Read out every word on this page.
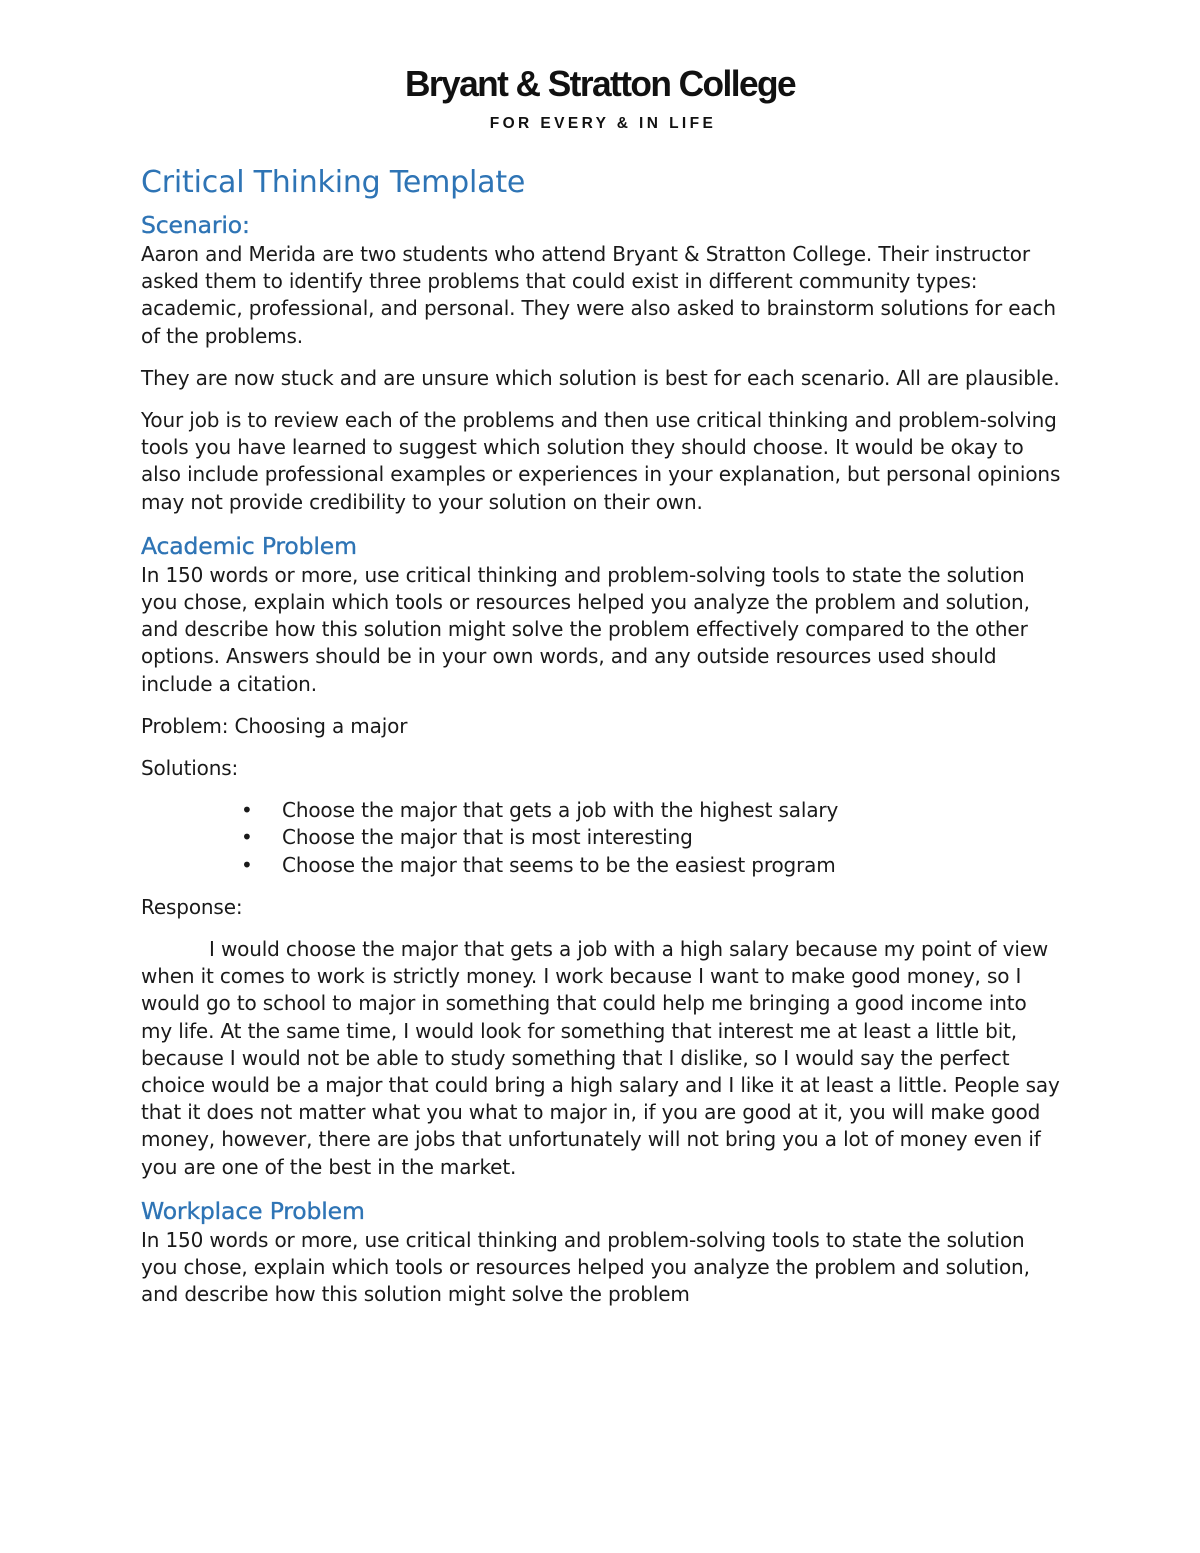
Bryant & Stratton College
FOR EVERY & IN LIFE
Critical Thinking Template
Scenario:

Aaron and Merida are two students who attend Bryant & Stratton College. Their instructor asked them to identify three problems that could exist in different community types: academic, professional, and personal. They were also asked to brainstorm solutions for each of the problems.

They are now stuck and are unsure which solution is best for each scenario. All are plausible.

Your job is to review each of the problems and then use critical thinking and problem-solving tools you have learned to suggest which solution they should choose. It would be okay to also include professional examples or experiences in your explanation, but personal opinions may not provide credibility to your solution on their own.

Academic Problem

In 150 words or more, use critical thinking and problem-solving tools to state the solution you chose, explain which tools or resources helped you analyze the problem and solution, and describe how this solution might solve the problem effectively compared to the other options. Answers should be in your own words, and any outside resources used should include a citation.

Problem: Choosing a major

Solutions:

• Choose the major that gets a job with the highest salary
• Choose the major that is most interesting
• Choose the major that seems to be the easiest program

Response:

I would choose the major that gets a job with a high salary because my point of view when it comes to work is strictly money. I work because I want to make good money, so I would go to school to major in something that could help me bringing a good income into my life. At the same time, I would look for something that interest me at least a little bit, because I would not be able to study something that I dislike, so I would say the perfect choice would be a major that could bring a high salary and I like it at least a little. People say that it does not matter what you what to major in, if you are good at it, you will make good money, however, there are jobs that unfortunately will not bring you a lot of money even if you are one of the best in the market.

Workplace Problem

In 150 words or more, use critical thinking and problem-solving tools to state the solution you chose, explain which tools or resources helped you analyze the problem and solution, and describe how this solution might solve the problem
